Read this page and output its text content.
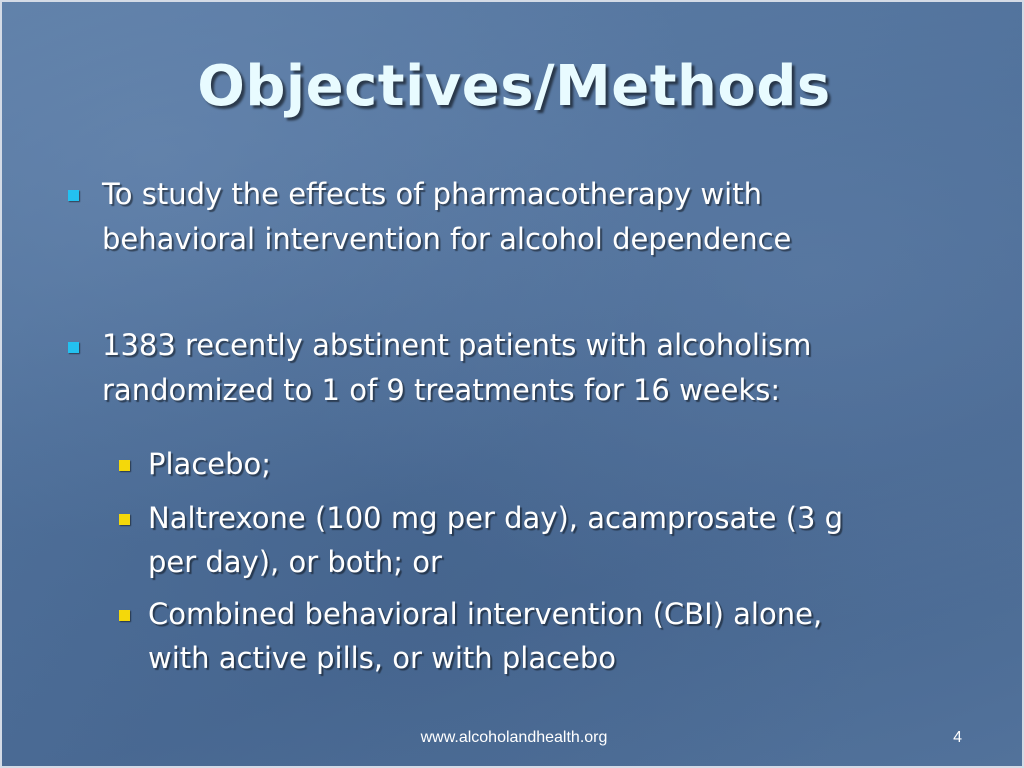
Objectives/Methods
To study the effects of pharmacotherapy with
behavioral intervention for alcohol dependence
1383 recently abstinent patients with alcoholism
randomized to 1 of 9 treatments for 16 weeks:
Placebo;
Naltrexone (100 mg per day), acamprosate (3 g
per day), or both; or
Combined behavioral intervention (CBI) alone,
with active pills, or with placebo
www.alcoholandhealth.org	4
